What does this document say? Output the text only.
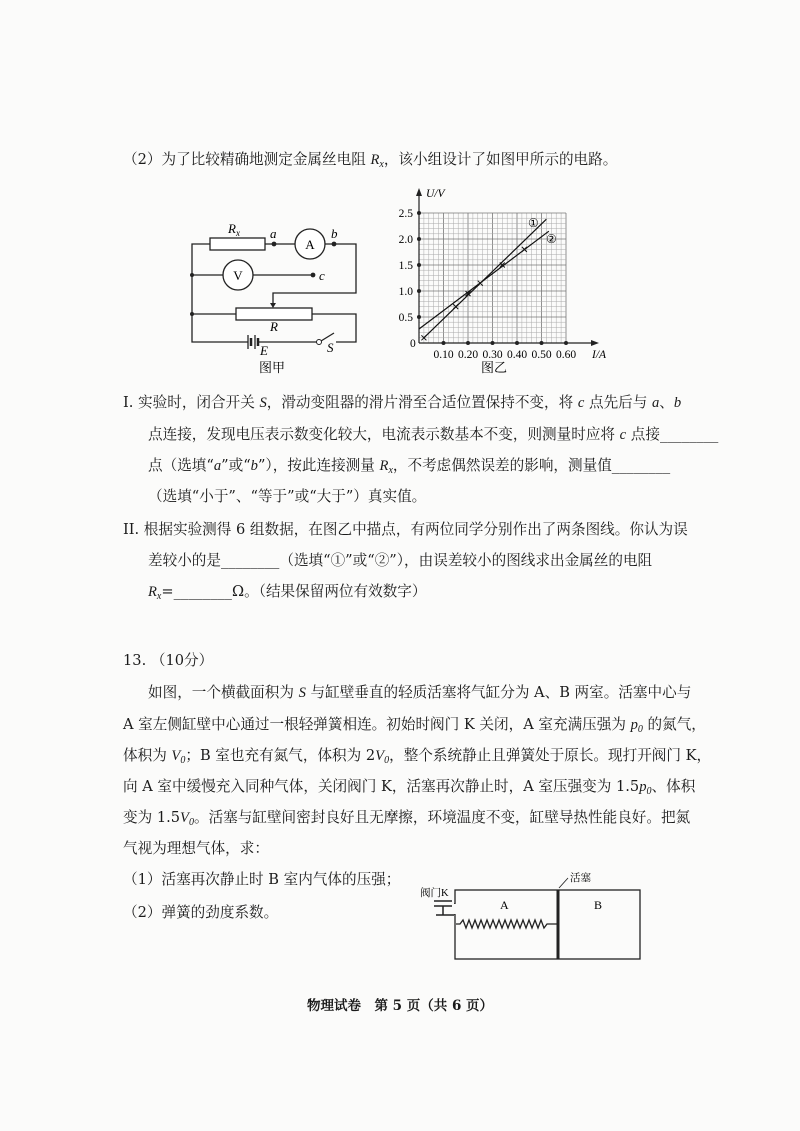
（2）为了比较精确地测定金属丝电阻 $R_x$，该小组设计了如图甲所示的电路。
$R_x$ a	b
c
A
V
R
E	S
图甲
0.10 0.20 0.30 0.40 0.50 0.60
0.5
1.0
1.5
2.0
2.5
U/V
I/A
0
①
②
图乙
I. 实验时，闭合开关 S，滑动变阻器的滑片滑至合适位置保持不变，将 c 点先后与 a、b
点连接，发现电压表示数变化较大，电流表示数基本不变，则测量时应将 c 点接________
点（选填“a”或“b”），按此连接测量 $R_x$，不考虑偶然误差的影响，测量值________
（选填“小于”、“等于”或“大于”）真实值。
II. 根据实验测得 6 组数据，在图乙中描点，有两位同学分别作出了两条图线。你认为误
差较小的是________（选填“①”或“②”），由误差较小的图线求出金属丝的电阻
$R_x=\_\_\_\_\_\_\_\_\Omega$。（结果保留两位有效数字）
13. （10分）
如图，一个横截面积为 S 与缸壁垂直的轻质活塞将气缸分为 A、B 两室。活塞中心与
A 室左侧缸壁中心通过一根轻弹簧相连。初始时阀门 K 关闭，A 室充满压强为 $p_0$ 的氮气，
体积为 $V_0$；B 室也充有氮气，体积为 $2V_0$，整个系统静止且弹簧处于原长。现打开阀门 K，
向 A 室中缓慢充入同种气体，关闭阀门 K，活塞再次静止时，A 室压强变为 $1.5p_0$、体积
变为 $1.5V_0$。活塞与缸壁间密封良好且无摩擦，环境温度不变，缸壁导热性能良好。把氮
气视为理想气体，求：
（1）活塞再次静止时 B 室内气体的压强；
（2）弹簧的劲度系数。
阀门K
活塞
A	B
物理试卷　第 5 页（共 6 页）
